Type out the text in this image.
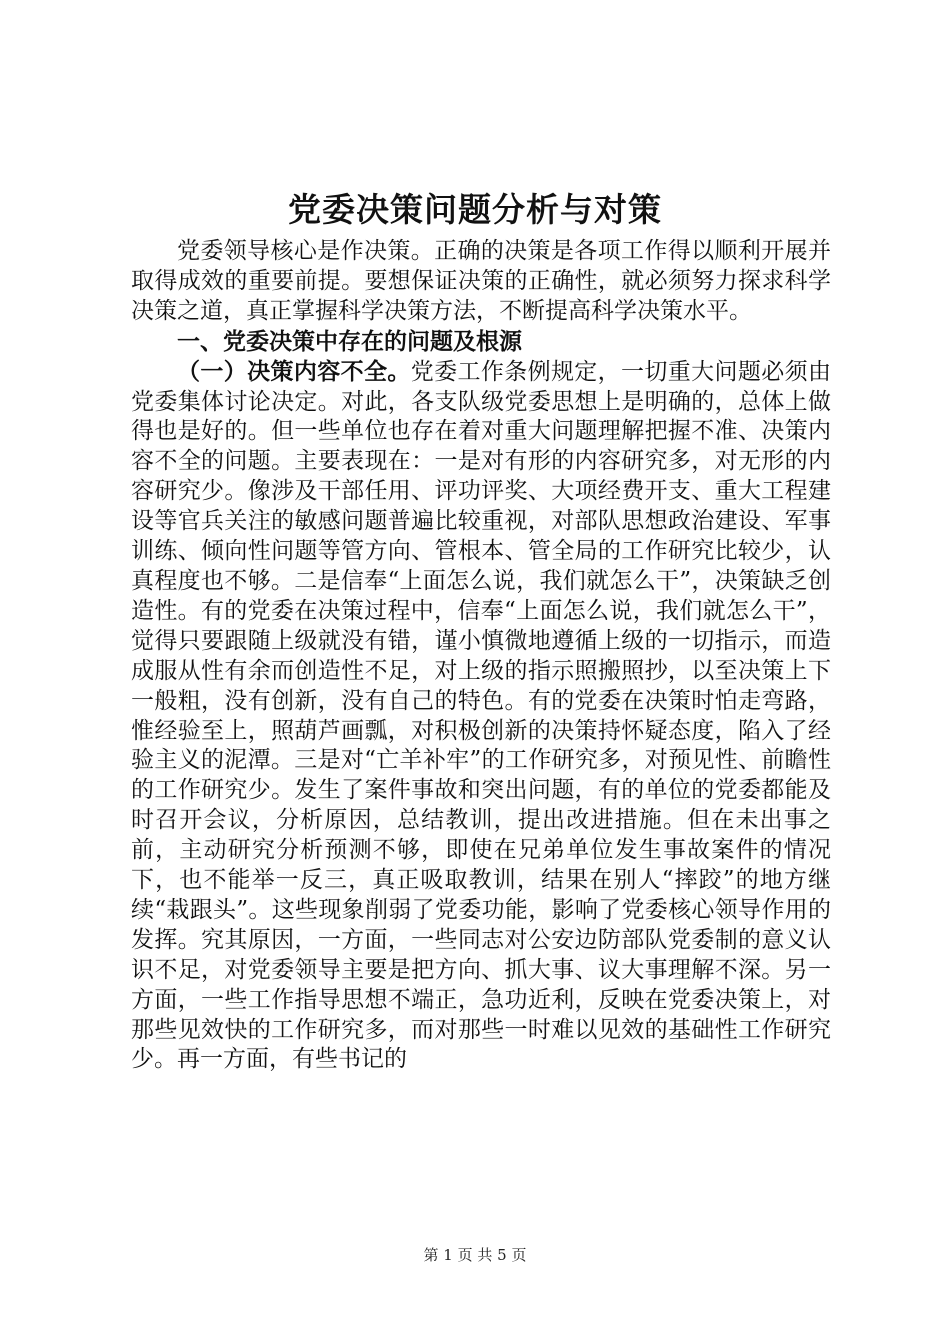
党委决策问题分析与对策

党委领导核心是作决策。正确的决策是各项工作得以顺利开展并取得成效的重要前提。要想保证决策的正确性，就必须努力探求科学决策之道，真正掌握科学决策方法，不断提高科学决策水平。

一、党委决策中存在的问题及根源

（一）决策内容不全。党委工作条例规定，一切重大问题必须由党委集体讨论决定。对此，各支队级党委思想上是明确的，总体上做得也是好的。但一些单位也存在着对重大问题理解把握不准、决策内容不全的问题。主要表现在：一是对有形的内容研究多，对无形的内容研究少。像涉及干部任用、评功评奖、大项经费开支、重大工程建设等官兵关注的敏感问题普遍比较重视，对部队思想政治建设、军事训练、倾向性问题等管方向、管根本、管全局的工作研究比较少，认真程度也不够。二是信奉“上面怎么说，我们就怎么干”，决策缺乏创造性。有的党委在决策过程中，信奉“上面怎么说，我们就怎么干”，觉得只要跟随上级就没有错，谨小慎微地遵循上级的一切指示，而造成服从性有余而创造性不足，对上级的指示照搬照抄，以至决策上下一般粗，没有创新，没有自己的特色。有的党委在决策时怕走弯路，惟经验至上，照葫芦画瓢，对积极创新的决策持怀疑态度，陷入了经验主义的泥潭。三是对“亡羊补牢”的工作研究多，对预见性、前瞻性的工作研究少。发生了案件事故和突出问题，有的单位的党委都能及时召开会议，分析原因，总结教训，提出改进措施。但在未出事之前，主动研究分析预测不够，即使在兄弟单位发生事故案件的情况下，也不能举一反三，真正吸取教训，结果在别人“摔跤”的地方继续“栽跟头”。这些现象削弱了党委功能，影响了党委核心领导作用的发挥。究其原因，一方面，一些同志对公安边防部队党委制的意义认识不足，对党委领导主要是把方向、抓大事、议大事理解不深。另一方面，一些工作指导思想不端正，急功近利，反映在党委决策上，对那些见效快的工作研究多，而对那些一时难以见效的基础性工作研究少。再一方面，有些书记的

第 1 页 共 5 页
